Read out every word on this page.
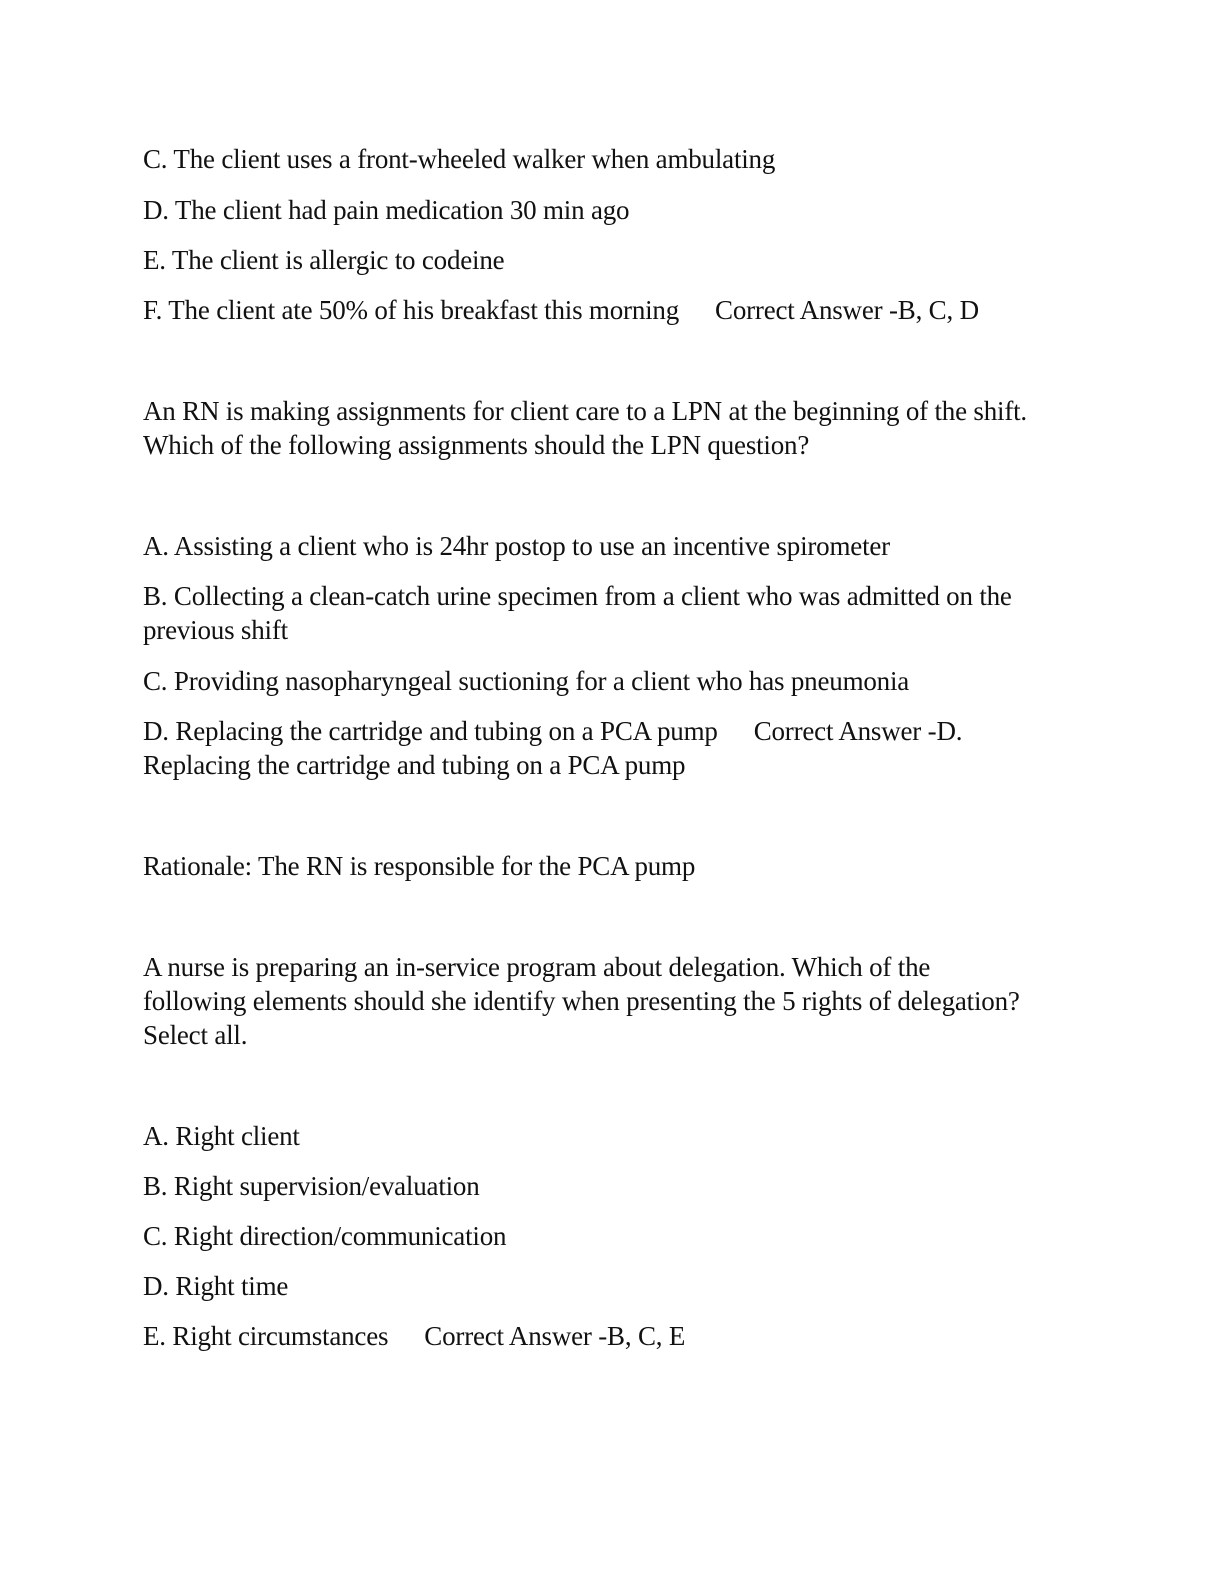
C. The client uses a front-wheeled walker when ambulating
D. The client had pain medication 30 min ago
E. The client is allergic to codeine
F. The client ate 50% of his breakfast this morning Correct Answer -B, C, D
An RN is making assignments for client care to a LPN at the beginning of the shift.
Which of the following assignments should the LPN question?
A. Assisting a client who is 24hr postop to use an incentive spirometer
B. Collecting a clean-catch urine specimen from a client who was admitted on the
previous shift
C. Providing nasopharyngeal suctioning for a client who has pneumonia
D. Replacing the cartridge and tubing on a PCA pump Correct Answer -D.
Replacing the cartridge and tubing on a PCA pump
Rationale: The RN is responsible for the PCA pump
A nurse is preparing an in-service program about delegation. Which of the
following elements should she identify when presenting the 5 rights of delegation?
Select all.
A. Right client
B. Right supervision/evaluation
C. Right direction/communication
D. Right time
E. Right circumstances Correct Answer -B, C, E
